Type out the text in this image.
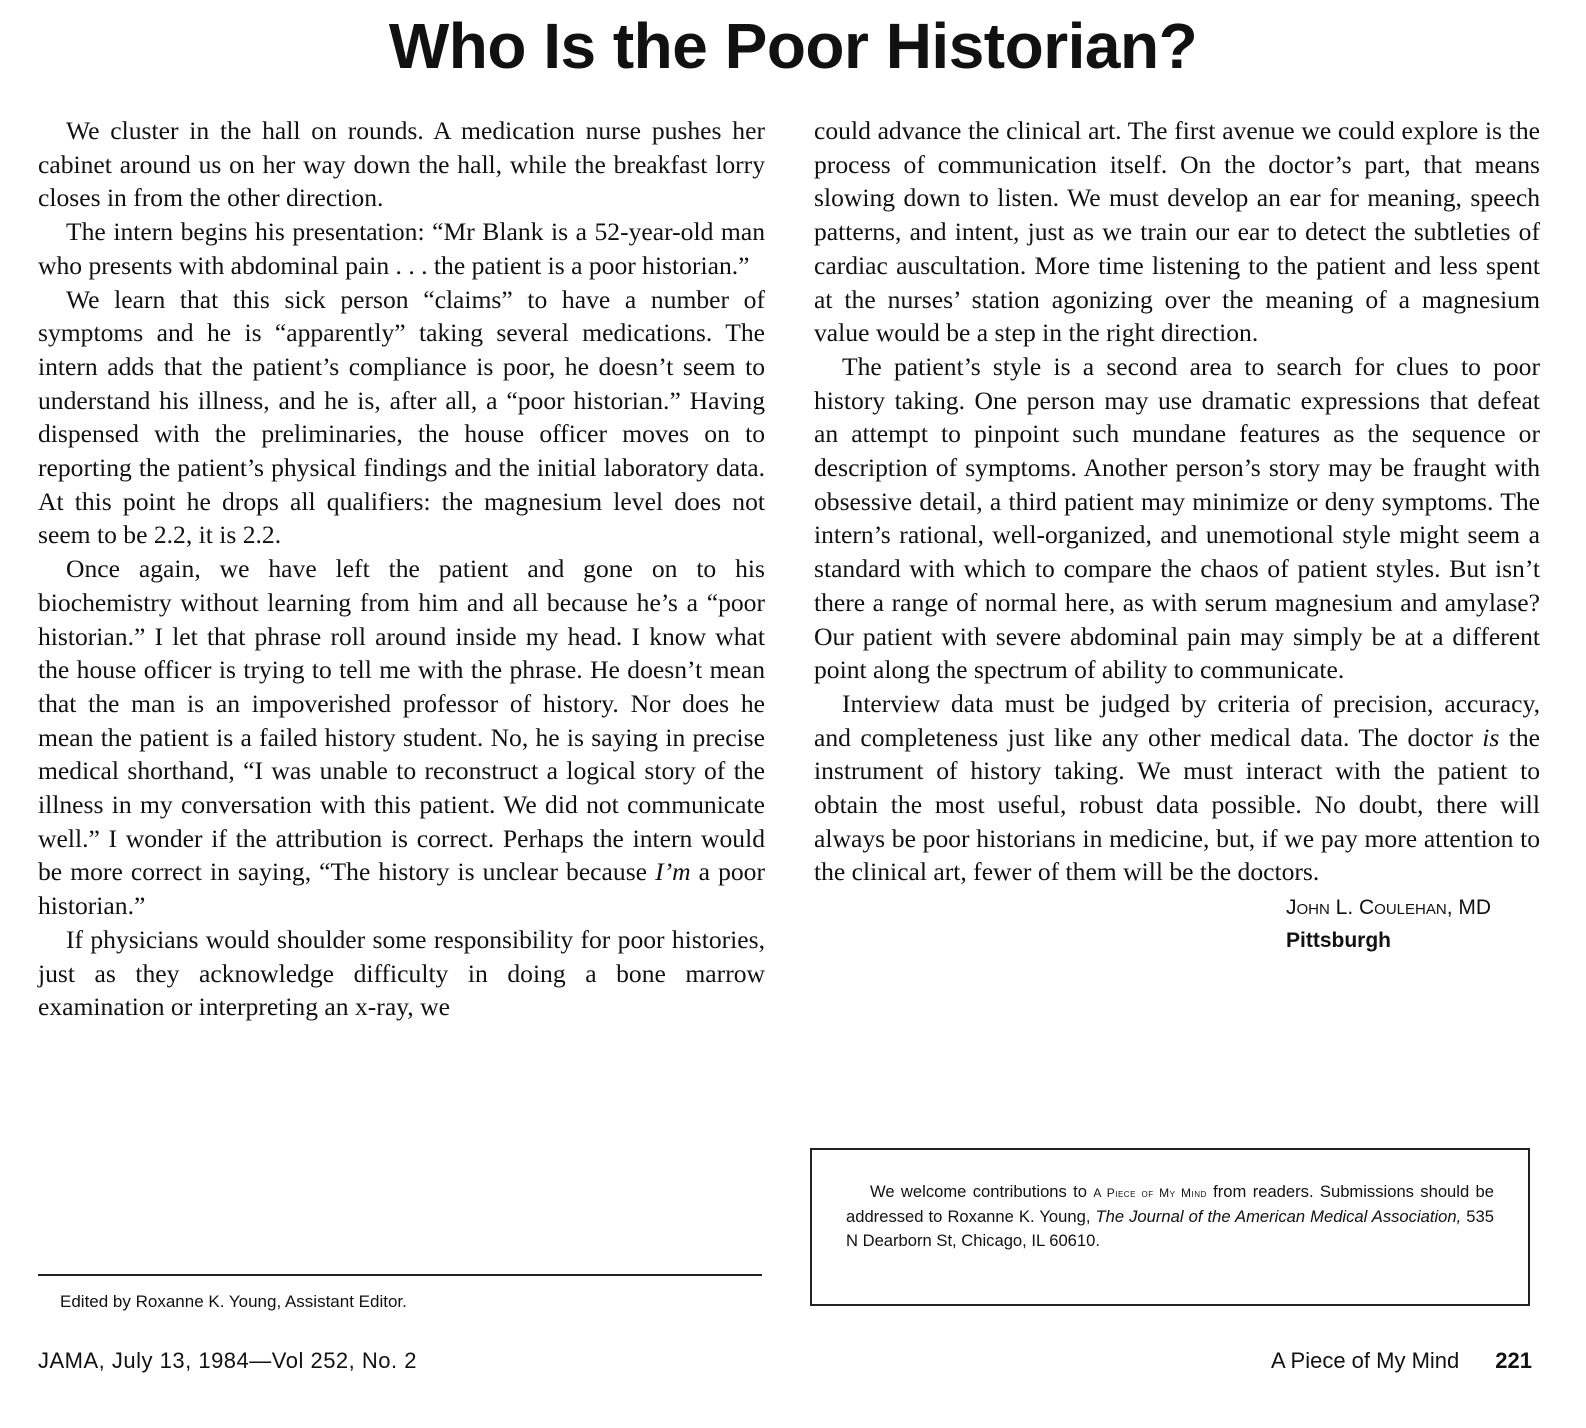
Who Is the Poor Historian?

We cluster in the hall on rounds. A medication nurse pushes her cabinet around us on her way down the hall, while the breakfast lorry closes in from the other direction.

The intern begins his presentation: “Mr Blank is a 52-year-old man who presents with abdominal pain . . . the patient is a poor historian.”

We learn that this sick person “claims” to have a number of symptoms and he is “apparently” taking several medications. The intern adds that the patient’s compliance is poor, he doesn’t seem to understand his illness, and he is, after all, a “poor historian.” Having dispensed with the preliminaries, the house officer moves on to reporting the patient’s physical findings and the initial laboratory data. At this point he drops all qualifiers: the magnesium level does not seem to be 2.2, it is 2.2.

Once again, we have left the patient and gone on to his biochemistry without learning from him and all because he’s a “poor historian.” I let that phrase roll around inside my head. I know what the house officer is trying to tell me with the phrase. He doesn’t mean that the man is an impoverished professor of history. Nor does he mean the patient is a failed history student. No, he is saying in precise medical shorthand, “I was unable to reconstruct a logical story of the illness in my conversation with this patient. We did not communicate well.” I wonder if the attribution is correct. Perhaps the intern would be more correct in saying, “The history is unclear because I’m a poor historian.”

If physicians would shoulder some responsibility for poor histories, just as they acknowledge difficulty in doing a bone marrow examination or interpreting an x-ray, we

could advance the clinical art. The first avenue we could explore is the process of communication itself. On the doctor’s part, that means slowing down to listen. We must develop an ear for meaning, speech patterns, and intent, just as we train our ear to detect the subtleties of cardiac auscultation. More time listening to the patient and less spent at the nurses’ station agonizing over the meaning of a magnesium value would be a step in the right direction.

The patient’s style is a second area to search for clues to poor history taking. One person may use dramatic expressions that defeat an attempt to pinpoint such mundane features as the sequence or description of symptoms. Another person’s story may be fraught with obsessive detail, a third patient may minimize or deny symptoms. The intern’s rational, well-organized, and unemotional style might seem a standard with which to compare the chaos of patient styles. But isn’t there a range of normal here, as with serum magnesium and amylase? Our patient with severe abdominal pain may simply be at a different point along the spectrum of ability to communicate.

Interview data must be judged by criteria of precision, accuracy, and completeness just like any other medical data. The doctor is the instrument of history taking. We must interact with the patient to obtain the most useful, robust data possible. No doubt, there will always be poor historians in medicine, but, if we pay more attention to the clinical art, fewer of them will be the doctors.

John L. Coulehan, MD
Pittsburgh

We welcome contributions to A Piece of My Mind from readers. Submissions should be addressed to Roxanne K. Young, The Journal of the American Medical Association, 535 N Dearborn St, Chicago, IL 60610.

Edited by Roxanne K. Young, Assistant Editor.
JAMA, July 13, 1984—Vol 252, No. 2	A Piece of My Mind 221
